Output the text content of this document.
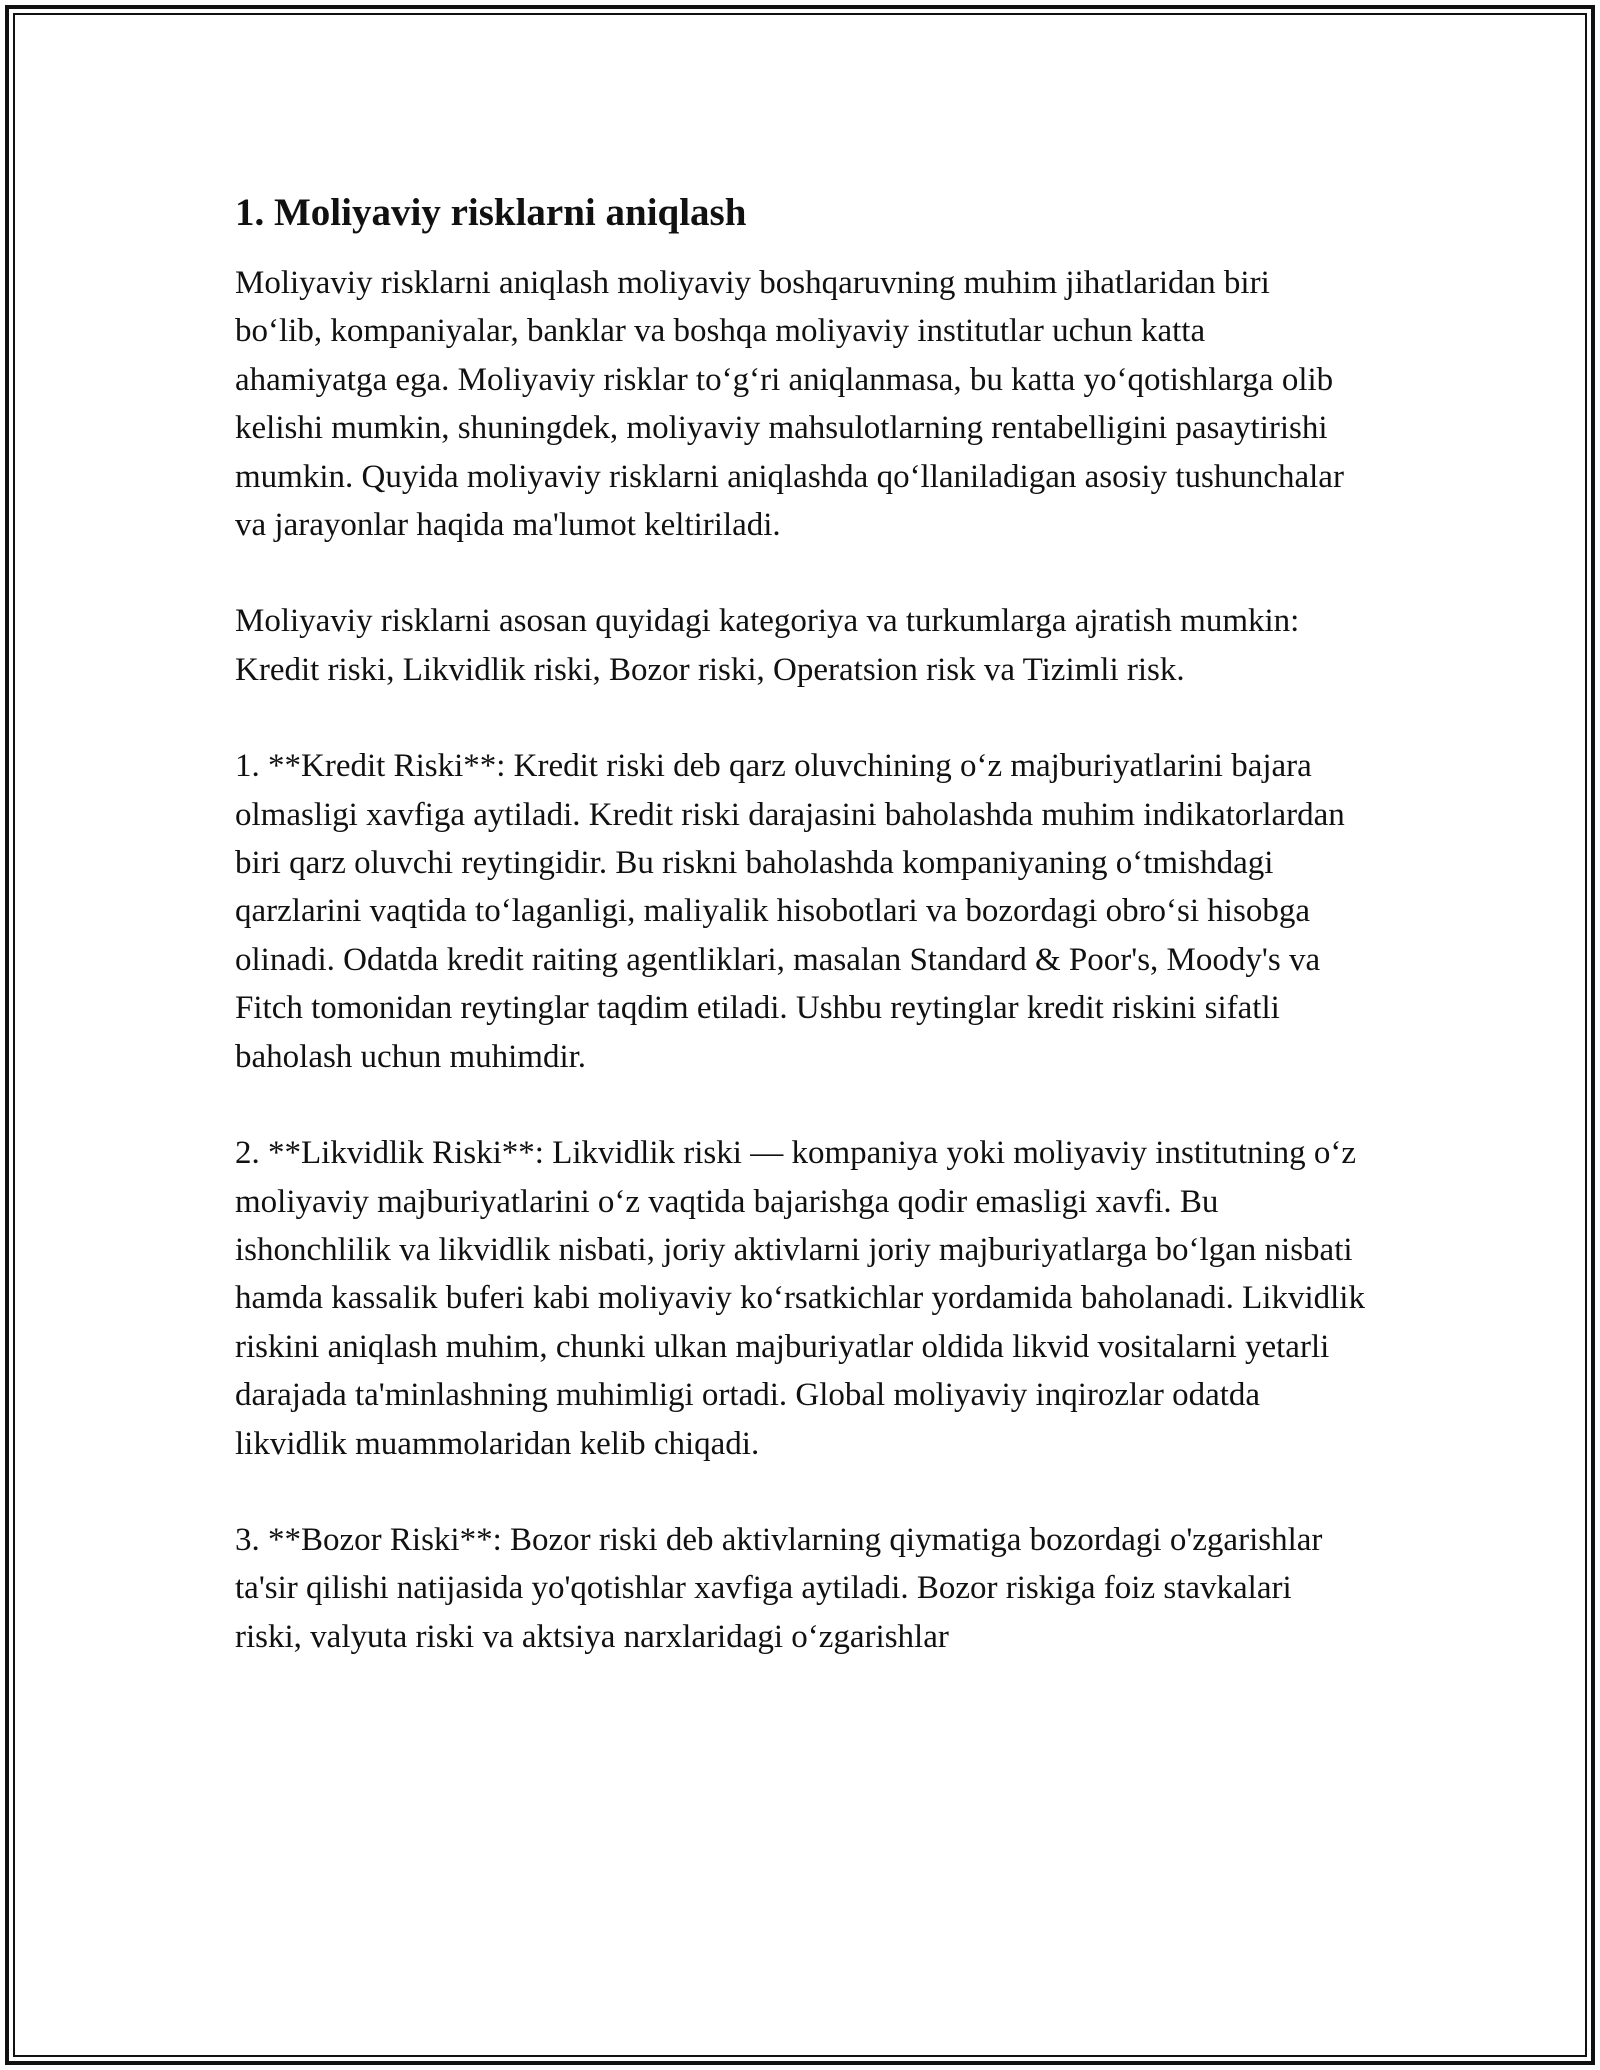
1. Moliyaviy risklarni aniqlash

Moliyaviy risklarni aniqlash moliyaviy boshqaruvning muhim jihatlaridan biri bo‘lib, kompaniyalar, banklar va boshqa moliyaviy institutlar uchun katta ahamiyatga ega. Moliyaviy risklar to‘g‘ri aniqlanmasa, bu katta yo‘qotishlarga olib kelishi mumkin, shuningdek, moliyaviy mahsulotlarning rentabelligini pasaytirishi mumkin. Quyida moliyaviy risklarni aniqlashda qo‘llaniladigan asosiy tushunchalar va jarayonlar haqida ma'lumot keltiriladi.

Moliyaviy risklarni asosan quyidagi kategoriya va turkumlarga ajratish mumkin: Kredit riski, Likvidlik riski, Bozor riski, Operatsion risk va Tizimli risk.

1. **Kredit Riski**: Kredit riski deb qarz oluvchining o‘z majburiyatlarini bajara olmasligi xavfiga aytiladi. Kredit riski darajasini baholashda muhim indikatorlardan biri qarz oluvchi reytingidir. Bu riskni baholashda kompaniyaning o‘tmishdagi qarzlarini vaqtida to‘laganligi, maliyalik hisobotlari va bozordagi obro‘si hisobga olinadi. Odatda kredit raiting agentliklari, masalan Standard & Poor's, Moody's va Fitch tomonidan reytinglar taqdim etiladi. Ushbu reytinglar kredit riskini sifatli baholash uchun muhimdir.

2. **Likvidlik Riski**: Likvidlik riski — kompaniya yoki moliyaviy institutning o‘z moliyaviy majburiyatlarini o‘z vaqtida bajarishga qodir emasligi xavfi. Bu ishonchlilik va likvidlik nisbati, joriy aktivlarni joriy majburiyatlarga bo‘lgan nisbati hamda kassalik buferi kabi moliyaviy ko‘rsatkichlar yordamida baholanadi. Likvidlik riskini aniqlash muhim, chunki ulkan majburiyatlar oldida likvid vositalarni yetarli darajada ta'minlashning muhimligi ortadi. Global moliyaviy inqirozlar odatda likvidlik muammolaridan kelib chiqadi.

3. **Bozor Riski**: Bozor riski deb aktivlarning qiymatiga bozordagi o'zgarishlar ta'sir qilishi natijasida yo'qotishlar xavfiga aytiladi. Bozor riskiga foiz stavkalari riski, valyuta riski va aktsiya narxlaridagi o‘zgarishlar
